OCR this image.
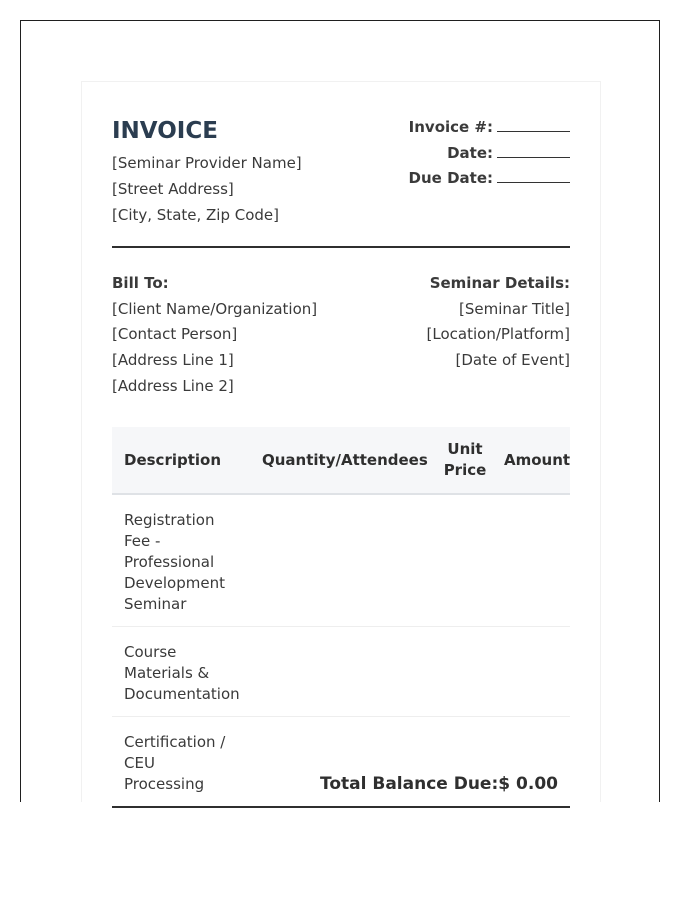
INVOICE
[Seminar Provider Name]
[Street Address]
[City, State, Zip Code]
Invoice #:
Date:
Due Date:
Bill To:
[Client Name/Organization]
[Contact Person]
[Address Line 1]
[Address Line 2]
Seminar Details:
[Seminar Title]
[Location/Platform]
[Date of Event]
Description	Quantity/Attendees	Unit Price	Amount
Registration Fee - Professional Development Seminar			
Course Materials & Documentation			
Certification / CEU Processing				Total Balance Due: $ 0.00
